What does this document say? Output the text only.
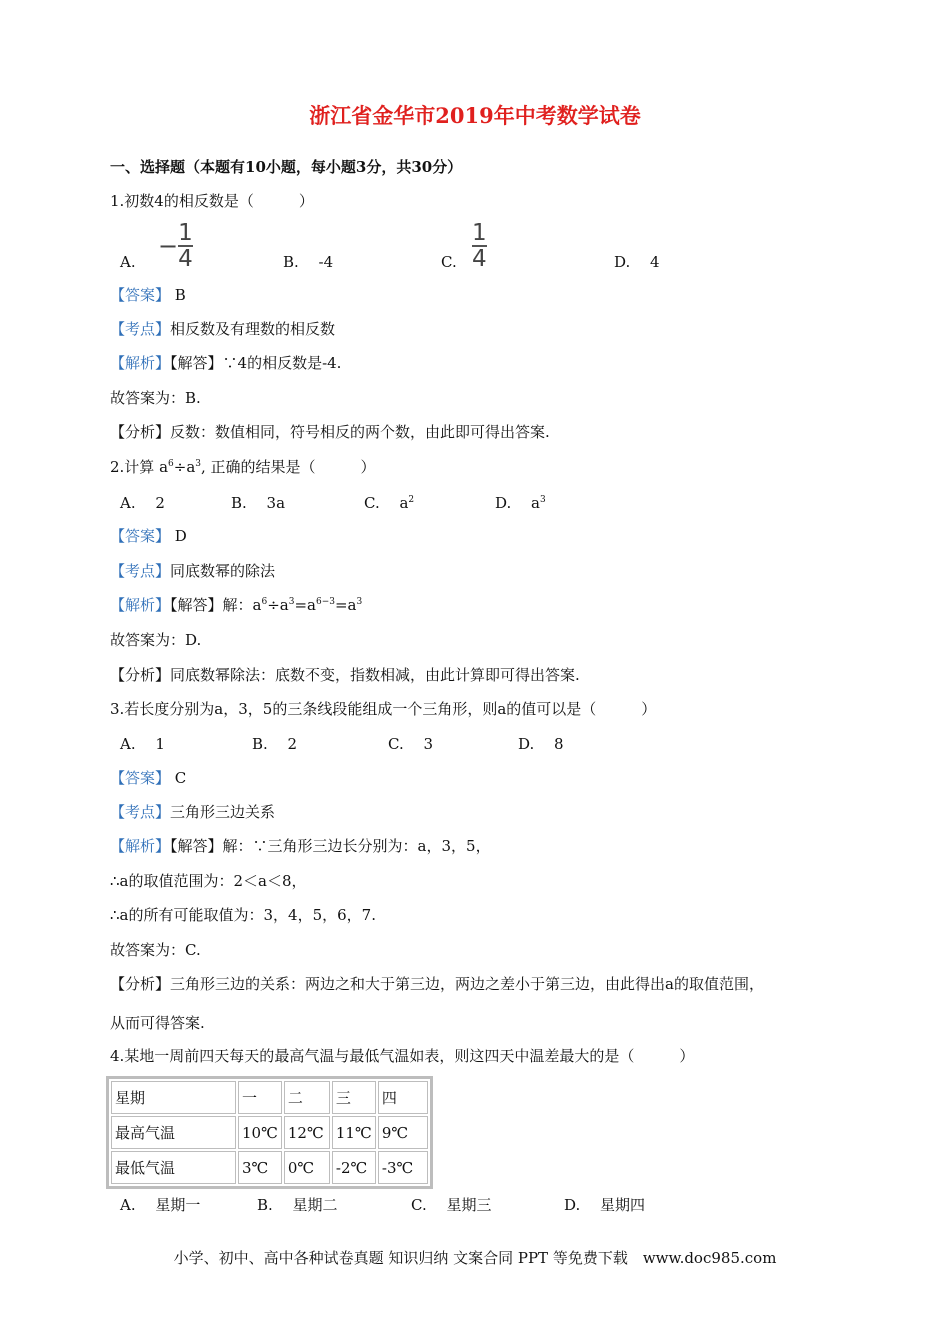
浙江省金华市2019年中考数学试卷
一、选择题（本题有10小题，每小题3分，共30分）
1.初数4的相反数是（　　　）
A.
$-\frac{1}{4}$	B.　 -4	C. $\frac{1}{4}$	D.　 4
【答案】 B
【考点】相反数及有理数的相反数
【解析】【解答】∵4的相反数是-4.
故答案为：B.
【分析】反数：数值相同，符号相反的两个数，由此即可得出答案.
2.计算 $a^6\div a^3$, 正确的结果是（　　　）
A.　 2	B.　 3a	C.　 $a^2$	D.　 $a^3$
【答案】 D
【考点】同底数幂的除法
【解析】【解答】解：$a^6\div a^3=a^{6-3}=a^3$
故答案为：D.
【分析】同底数幂除法：底数不变，指数相减，由此计算即可得出答案.
3.若长度分别为a，3，5的三条线段能组成一个三角形，则a的值可以是（　　　）
A.　 1	B.　 2	C.　 3	D.　 8
【答案】 C
【考点】三角形三边关系
【解析】【解答】解：∵三角形三边长分别为：a，3，5，
∴a的取值范围为：2＜a＜8，
∴a的所有可能取值为：3，4，5，6，7.
故答案为：C.
【分析】三角形三边的关系：两边之和大于第三边，两边之差小于第三边，由此得出a的取值范围，
从而可得答案.
4.某地一周前四天每天的最高气温与最低气温如表，则这四天中温差最大的是（　　　）
星期	一	二	三	四
最高气温	10℃	12℃	11℃	9℃
最低气温	3℃	0℃	-2℃	-3℃
A.　 星期一	B.　 星期二	C.　 星期三	D.　 星期四
小学、初中、高中各种试卷真题 知识归纳 文案合同 PPT 等免费下载　www.doc985.com
